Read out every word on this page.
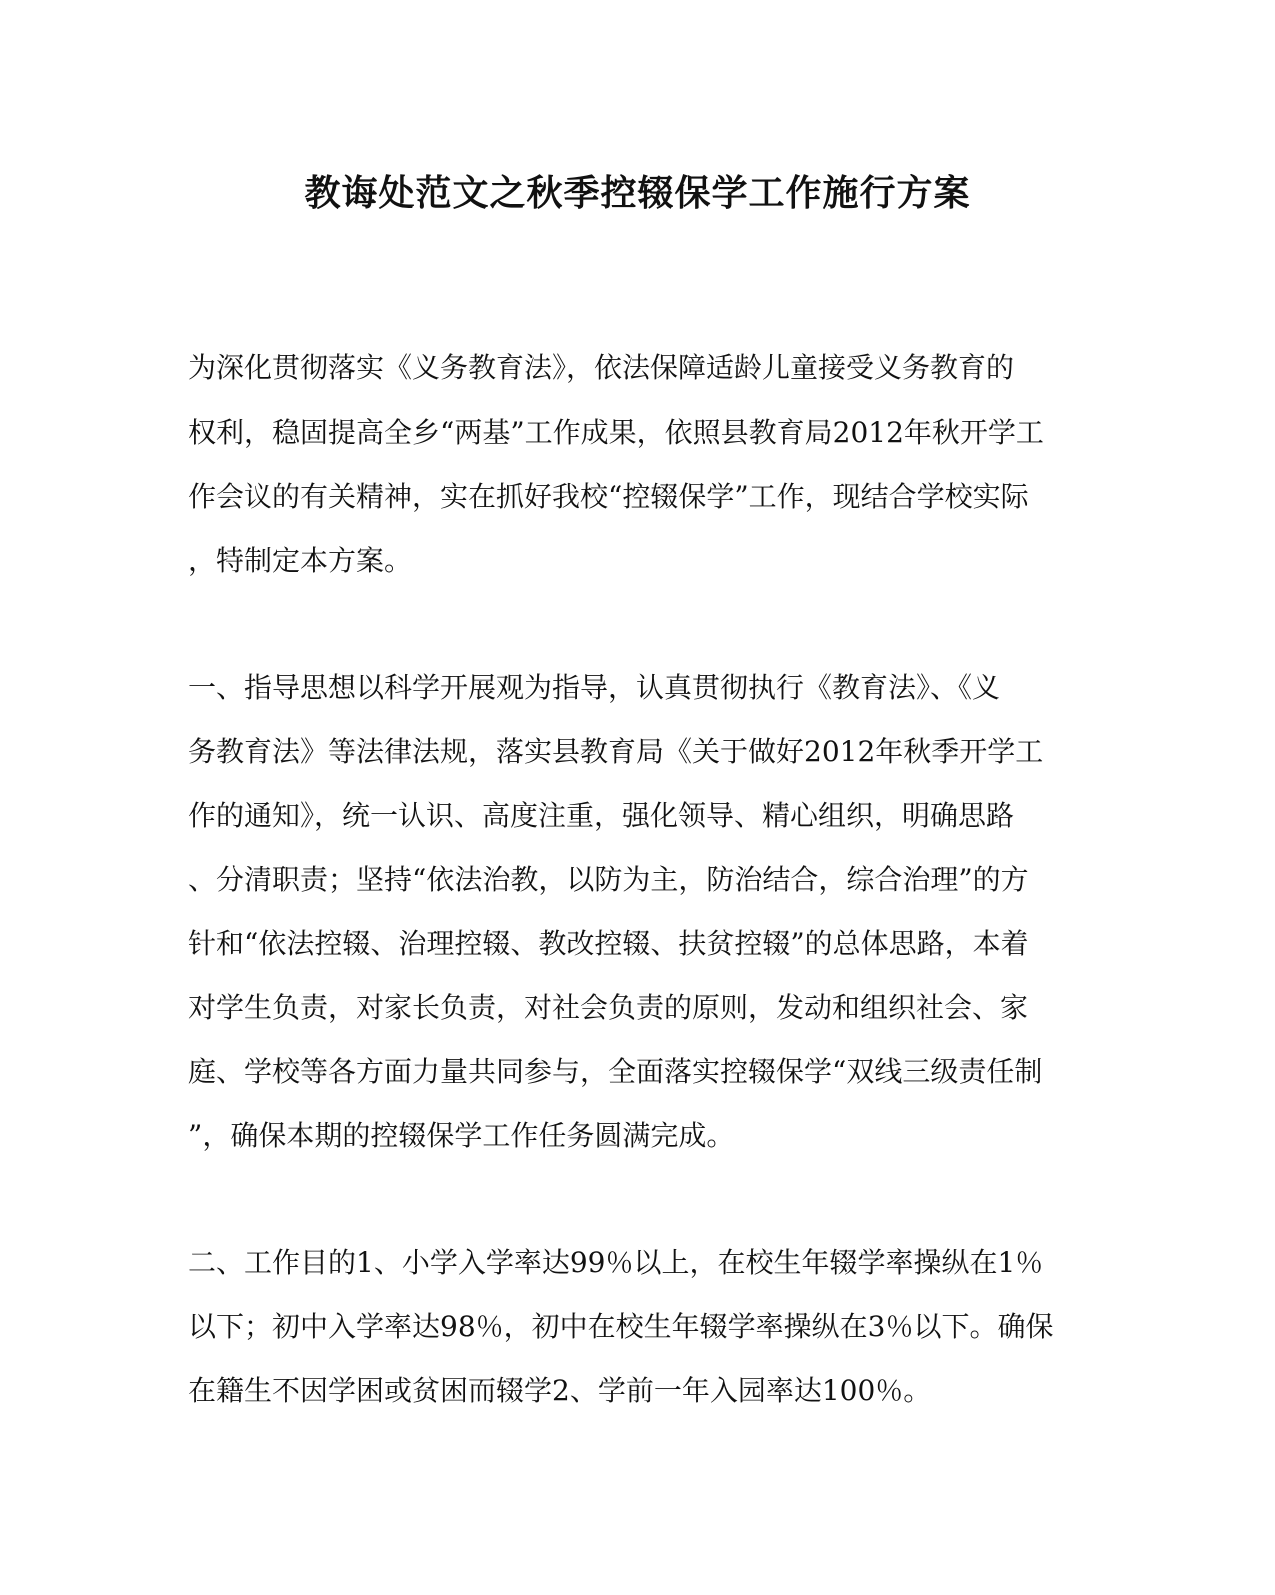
教诲处范文之秋季控辍保学工作施行方案

为深化贯彻落实《义务教育法》，依法保障适龄儿童接受义务教育的

权利，稳固提高全乡“两基”工作成果，依照县教育局2012年秋开学工

作会议的有关精神，实在抓好我校“控辍保学”工作，现结合学校实际

，特制定本方案。

一、指导思想以科学开展观为指导，认真贯彻执行《教育法》、《义

务教育法》等法律法规，落实县教育局《关于做好2012年秋季开学工

作的通知》，统一认识、高度注重，强化领导、精心组织，明确思路

、分清职责；坚持“依法治教，以防为主，防治结合，综合治理”的方

针和“依法控辍、治理控辍、教改控辍、扶贫控辍”的总体思路，本着

对学生负责，对家长负责，对社会负责的原则，发动和组织社会、家

庭、学校等各方面力量共同参与，全面落实控辍保学“双线三级责任制

”，确保本期的控辍保学工作任务圆满完成。

二、工作目的1、小学入学率达99％以上，在校生年辍学率操纵在1％

以下；初中入学率达98％，初中在校生年辍学率操纵在3％以下。确保

在籍生不因学困或贫困而辍学2、学前一年入园率达100％。
